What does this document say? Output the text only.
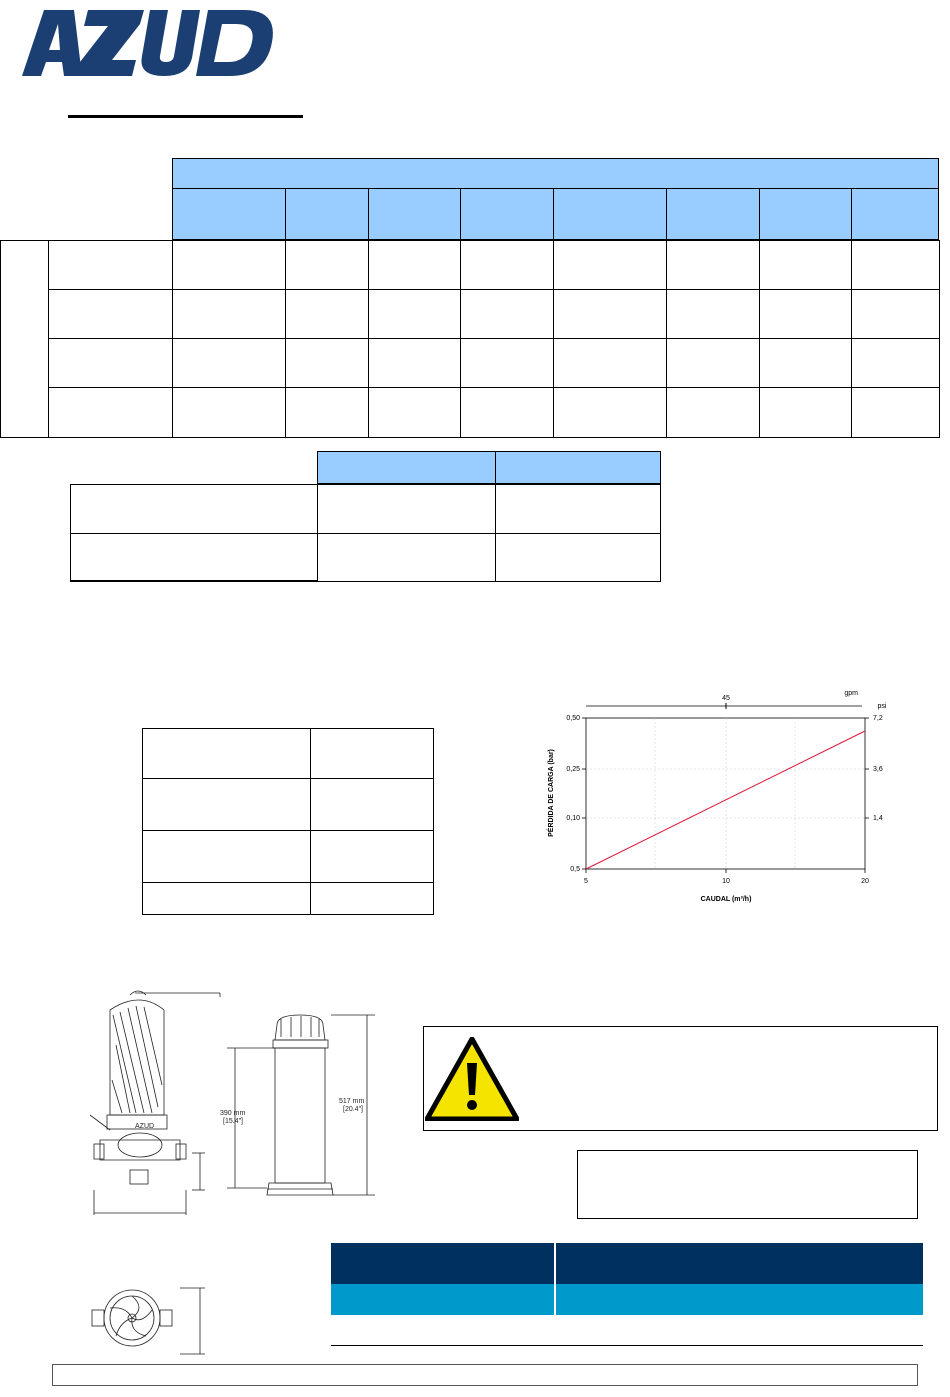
45
gpm
psi
0,5
0,10
0,25
0,50
1,4
3,6
7,2
5	10	20
CAUDAL (m³/h)
PÉRDIDA DE CARGA (bar)
AZUD
390 mm
[15.4"]
517 mm
[20.4"]
